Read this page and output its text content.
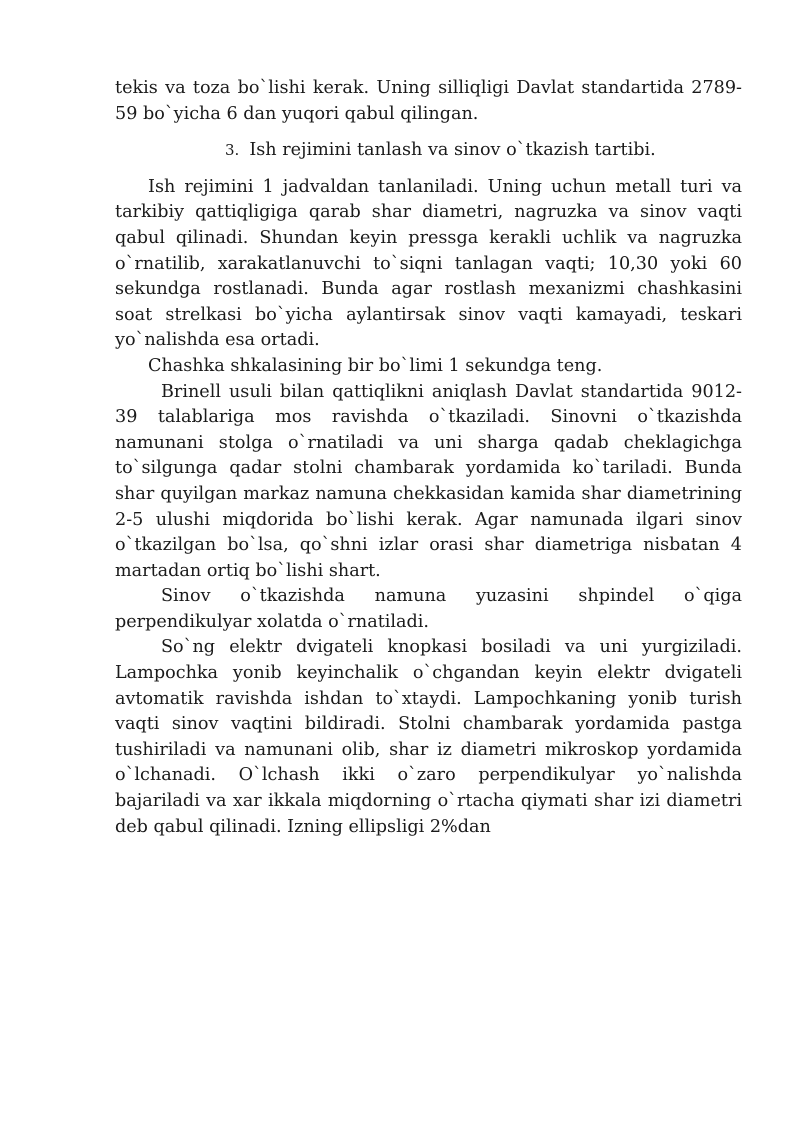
tekis va toza bo`lishi kerak. Uning silliqligi Davlat standartida 2789-59 bo`yicha 6 dan yuqori qabul qilingan.

3. Ish rejimini tanlash va sinov o`tkazish tartibi.

Ish rejimini 1 jadvaldan tanlaniladi. Uning uchun metall turi va tarkibiy qattiqligiga qarab shar diametri, nagruzka va sinov vaqti qabul qilinadi. Shundan keyin pressga kerakli uchlik va nagruzka o`rnatilib, xarakatlanuvchi to`siqni tanlagan vaqti; 10,30 yoki 60 sekundga rostlanadi. Bunda agar rostlash mexanizmi chashkasini soat strelkasi bo`yicha aylantirsak sinov vaqti kamayadi, teskari yo`nalishda esa ortadi.

Chashka shkalasining bir bo`limi 1 sekundga teng.

Brinell usuli bilan qattiqlikni aniqlash Davlat standartida 9012-39 talablariga mos ravishda o`tkaziladi. Sinovni o`tkazishda namunani stolga o`rnatiladi va uni sharga qadab cheklagichga to`silgunga qadar stolni chambarak yordamida ko`tariladi. Bunda shar quyilgan markaz namuna chekkasidan kamida shar diametrining 2-5 ulushi miqdorida bo`lishi kerak. Agar namunada ilgari sinov o`tkazilgan bo`lsa, qo`shni izlar orasi shar diametriga nisbatan 4 martadan ortiq bo`lishi shart.

Sinov o`tkazishda namuna yuzasini shpindel o`qiga perpendikulyar xolatda o`rnatiladi.

So`ng elektr dvigateli knopkasi bosiladi va uni yurgiziladi. Lampochka yonib keyinchalik o`chgandan keyin elektr dvigateli avtomatik ravishda ishdan to`xtaydi. Lampochkaning yonib turish vaqti sinov vaqtini bildiradi. Stolni chambarak yordamida pastga tushiriladi va namunani olib, shar iz diametri mikroskop yordamida o`lchanadi. O`lchash ikki o`zaro perpendikulyar yo`nalishda bajariladi va xar ikkala miqdorning o`rtacha qiymati shar izi diametri deb qabul qilinadi. Izning ellipsligi 2%dan
